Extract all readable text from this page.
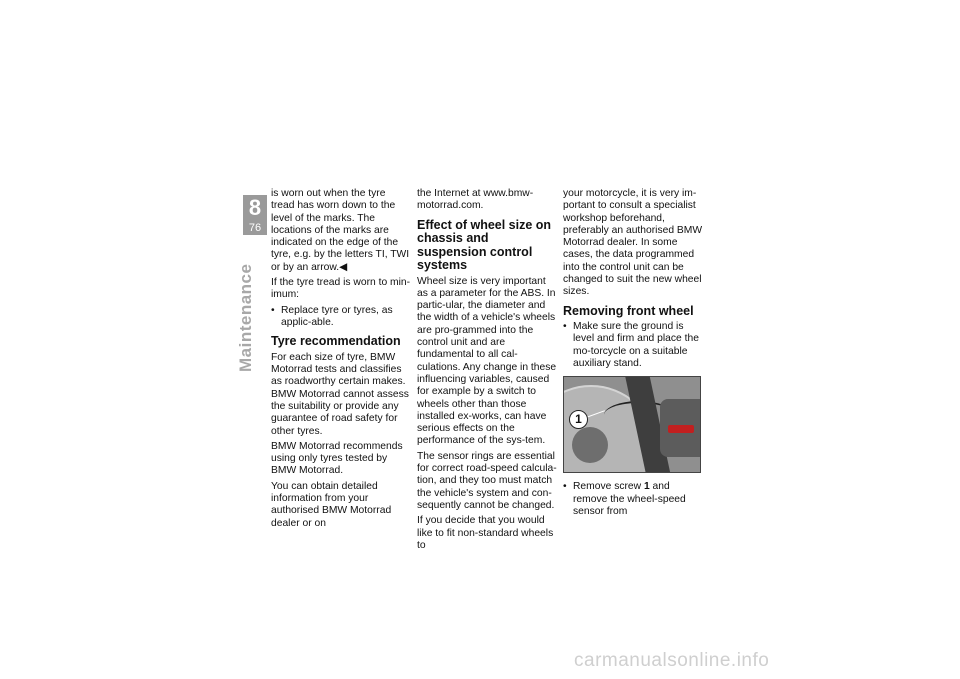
8
76
Maintenance

is worn out when the tyre tread has worn down to the level of the marks. The locations of the marks are indicated on the edge of the tyre, e.g. by the letters TI, TWI or by an arrow.◀

If the tyre tread is worn to min-imum:

• Replace tyre or tyres, as applic-able.
Tyre recommendation

For each size of tyre, BMW Motorrad tests and classifies as roadworthy certain makes. BMW Motorrad cannot assess the suitability or provide any guarantee of road safety for other tyres.

BMW Motorrad recommends using only tyres tested by BMW Motorrad.

You can obtain detailed information from your authorised BMW Motorrad dealer or on

the Internet at www.bmw-motorrad.com.

Effect of wheel size on chassis and suspension control systems

Wheel size is very important as a parameter for the ABS. In partic-ular, the diameter and the width of a vehicle's wheels are pro-grammed into the control unit and are fundamental to all cal-culations. Any change in these influencing variables, caused for example by a switch to wheels other than those installed ex-works, can have serious effects on the performance of the sys-tem.

The sensor rings are essential for correct road-speed calcula-tion, and they too must match the vehicle's system and con-sequently cannot be changed.

If you decide that you would like to fit non-standard wheels to

your motorcycle, it is very im-portant to consult a specialist workshop beforehand, preferably an authorised BMW Motorrad dealer. In some cases, the data programmed into the control unit can be changed to suit the new wheel sizes.

Removing front wheel
• Make sure the ground is level and firm and place the mo-torcycle on a suitable auxiliary stand.
1
• Remove screw 1 and remove the wheel-speed sensor from
carmanualsonline.info
